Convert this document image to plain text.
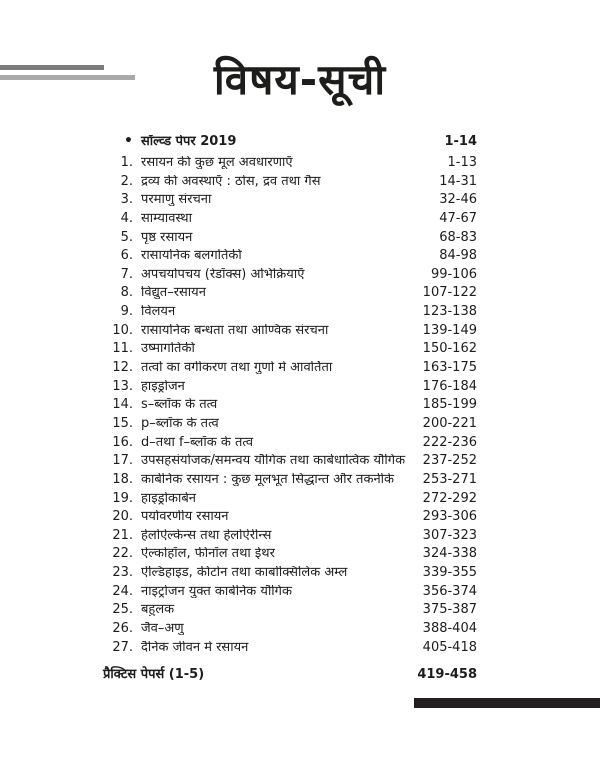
विषय-सूची
• सॉल्व्ड पेपर 2019	1-14
1. रसायन की कुछ मूल अवधारणाएँ	1-13
2. द्रव्य की अवस्थाएँ : ठोस, द्रव तथा गैस	14-31
3. परमाणु संरचना	32-46
4. साम्यावस्था	47-67
5. पृष्ठ रसायन	68-83
6. रासायनिक बलगतिकी	84-98
7. अपचयोपचय (रेडॉक्स) अभिक्रियाएँ	99-106
8. विद्युत–रसायन	107-122
9. विलयन	123-138
10. रासायनिक बन्धता तथा आण्विक संरचना	139-149
11. उष्मागतिकी	150-162
12. तत्वों का वर्गीकरण तथा गुणों में आवर्तिता	163-175
13. हाइड्रोजन	176-184
14. s–ब्लॉक के तत्व	185-199
15. p–ब्लॉक के तत्व	200-221
16. d–तथा f–ब्लॉक के तत्व	222-236
17. उपसहसंयोजक/समन्वय यौगिक तथा कार्बधात्विक यौगिक	237-252
18. कार्बनिक रसायन : कुछ मूलभूत सिद्धान्त और तकनीकें	253-271
19. हाइड्रोकार्बन	272-292
20. पर्यावरणीय रसायन	293-306
21. हेलोऐल्केन्स तथा हेलोऐरीन्स	307-323
22. ऐल्कोहॉल, फीनॉल तथा ईथर	324-338
23. ऐल्डिहाइड, कीटोन तथा कार्बोक्सिलिक अम्ल	339-355
24. नाइट्रोजन युक्त कार्बनिक यौगिक	356-374
25. बहुलक	375-387
26. जैव–अणु	388-404
27. दैनिक जीवन में रसायन	405-418
प्रैक्टिस पेपर्स (1-5)	419-458
